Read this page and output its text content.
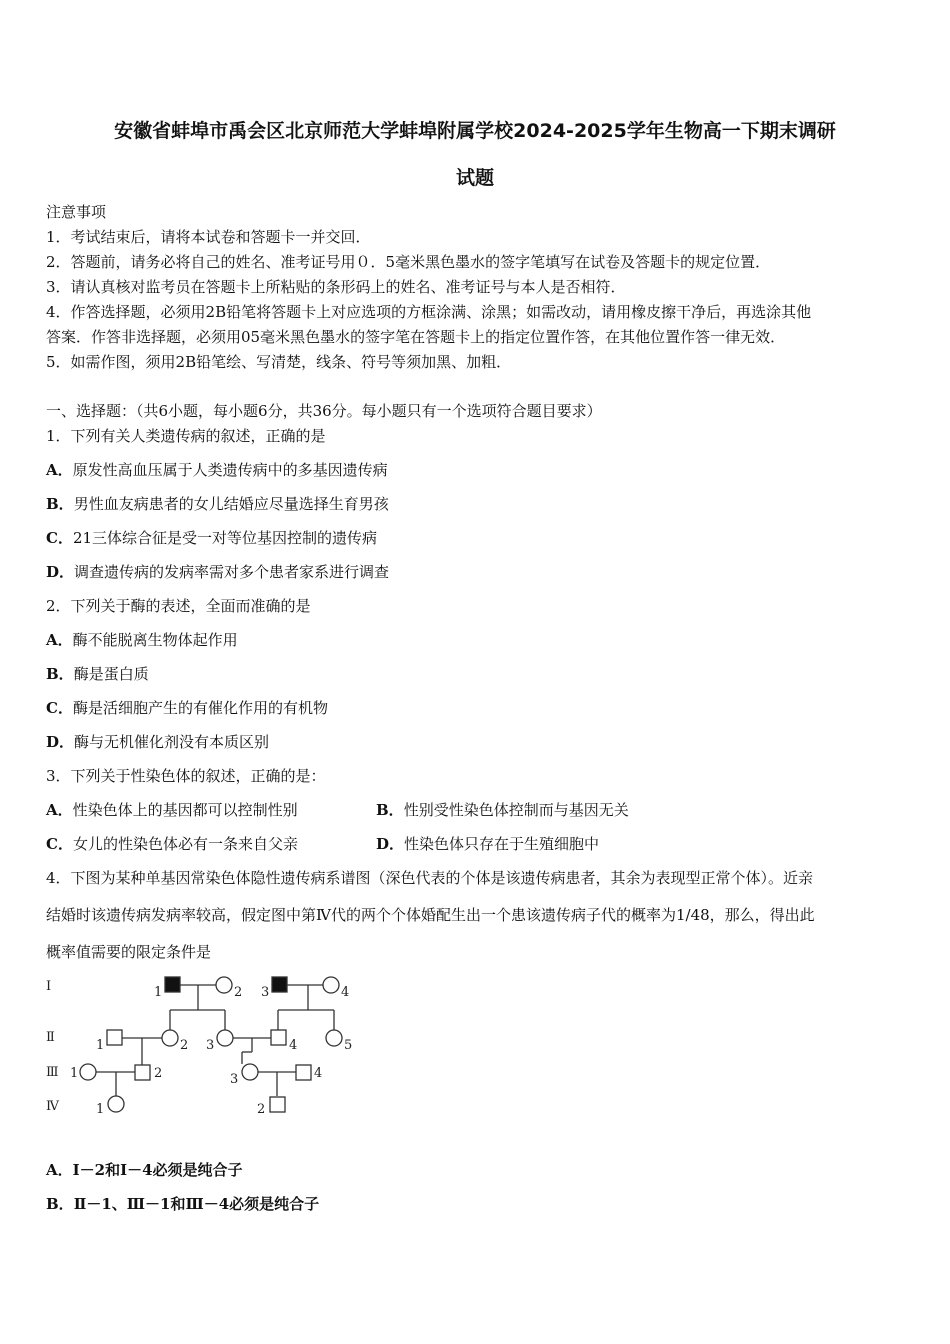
安徽省蚌埠市禹会区北京师范大学蚌埠附属学校2024-2025学年生物高一下期末调研
试题
注意事项
1．考试结束后，请将本试卷和答题卡一并交回．
2．答题前，请务必将自己的姓名、准考证号用０．5毫米黑色墨水的签字笔填写在试卷及答题卡的规定位置．
3．请认真核对监考员在答题卡上所粘贴的条形码上的姓名、准考证号与本人是否相符．
4．作答选择题，必须用2B铅笔将答题卡上对应选项的方框涂满、涂黑；如需改动，请用橡皮擦干净后，再选涂其他
答案．作答非选择题，必须用05毫米黑色墨水的签字笔在答题卡上的指定位置作答，在其他位置作答一律无效．
5．如需作图，须用2B铅笔绘、写清楚，线条、符号等须加黑、加粗．
一、选择题：（共6小题，每小题6分，共36分。每小题只有一个选项符合题目要求）
1．下列有关人类遗传病的叙述，正确的是
A．原发性高血压属于人类遗传病中的多基因遗传病
B．男性血友病患者的女儿结婚应尽量选择生育男孩
C．21三体综合征是受一对等位基因控制的遗传病
D．调查遗传病的发病率需对多个患者家系进行调查
2．下列关于酶的表述，全面而准确的是
A．酶不能脱离生物体起作用
B．酶是蛋白质
C．酶是活细胞产生的有催化作用的有机物
D．酶与无机催化剂没有本质区别
3．下列关于性染色体的叙述，正确的是：
A．性染色体上的基因都可以控制性别	B．性别受性染色体控制而与基因无关
C．女儿的性染色体必有一条来自父亲	D．性染色体只存在于生殖细胞中
4．下图为某种单基因常染色体隐性遗传病系谱图（深色代表的个体是该遗传病患者，其余为表现型正常个体）。近亲
结婚时该遗传病发病率较高，假定图中第Ⅳ代的两个个体婚配生出一个患该遗传病子代的概率为1/48，那么，得出此
概率值需要的限定条件是
Ⅰ
Ⅱ
Ⅲ
Ⅳ
1	2 3	4
1	2 3	4	5
1	2	3	4
1	2
A．Ⅰ－2和Ⅰ－4必须是纯合子
B．Ⅱ－1、Ⅲ－1和Ⅲ－4必须是纯合子
